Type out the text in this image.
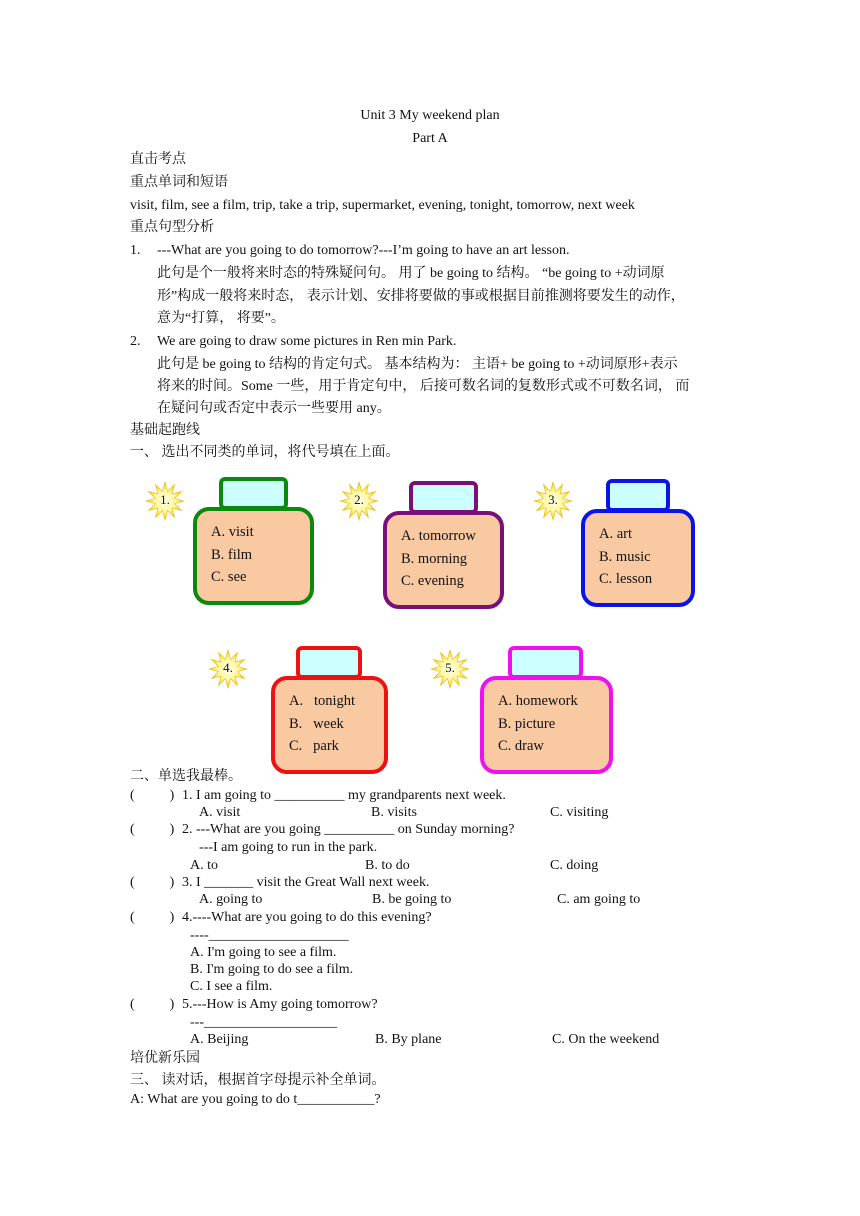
Unit 3 My weekend plan
Part A
直击考点
重点单词和短语
visit, film, see a film, trip, take a trip, supermarket, evening, tonight, tomorrow, next week
重点句型分析
1. ---What are you going to do tomorrow?---I’m going to have an art lesson.
此句是个一般将来时态的特殊疑问句。 用了 be going to 结构。 “be going to +动词原
形”构成一般将来时态， 表示计划、安排将要做的事或根据目前推测将要发生的动作，
意为“打算， 将要”。
2. We are going to draw some pictures in Ren min Park.
此句是 be going to 结构的肯定句式。 基本结构为： 主语+ be going to +动词原形+表示
将来的时间。Some 一些，用于肯定句中， 后接可数名词的复数形式或不可数名词， 而
在疑问句或否定中表示一些要用 any。
基础起跑线
一、 选出不同类的单词，将代号填在上面。
1.
A. visit
B. film
C. see
2.
A. tomorrow
B. morning
C. evening
3.
A. art
B. music
C. lesson
4.
A.   tonight
B.   week
C.   park
5.
A. homework
B. picture
C. draw
二、单选我最棒。
(          ) 1. I am going to __________ my grandparents next week.
A. visit	B. visits	C. visiting
(          ) 2. ---What are you going __________ on Sunday morning?
---I am going to run in the park.
A. to	B. to do	C. doing
(          ) 3. I _______ visit the Great Wall next week.
A. going to	B. be going to	C. am going to
(          ) 4.----What are you going to do this evening?
----____________________
A. I'm going to see a film.
B. I'm going to do see a film.
C. I see a film.
(          ) 5.---How is Amy going tomorrow?
---___________________
A. Beijing	B. By plane	C. On the weekend
培优新乐园
三、 读对话，根据首字母提示补全单词。
A: What are you going to do t___________?
